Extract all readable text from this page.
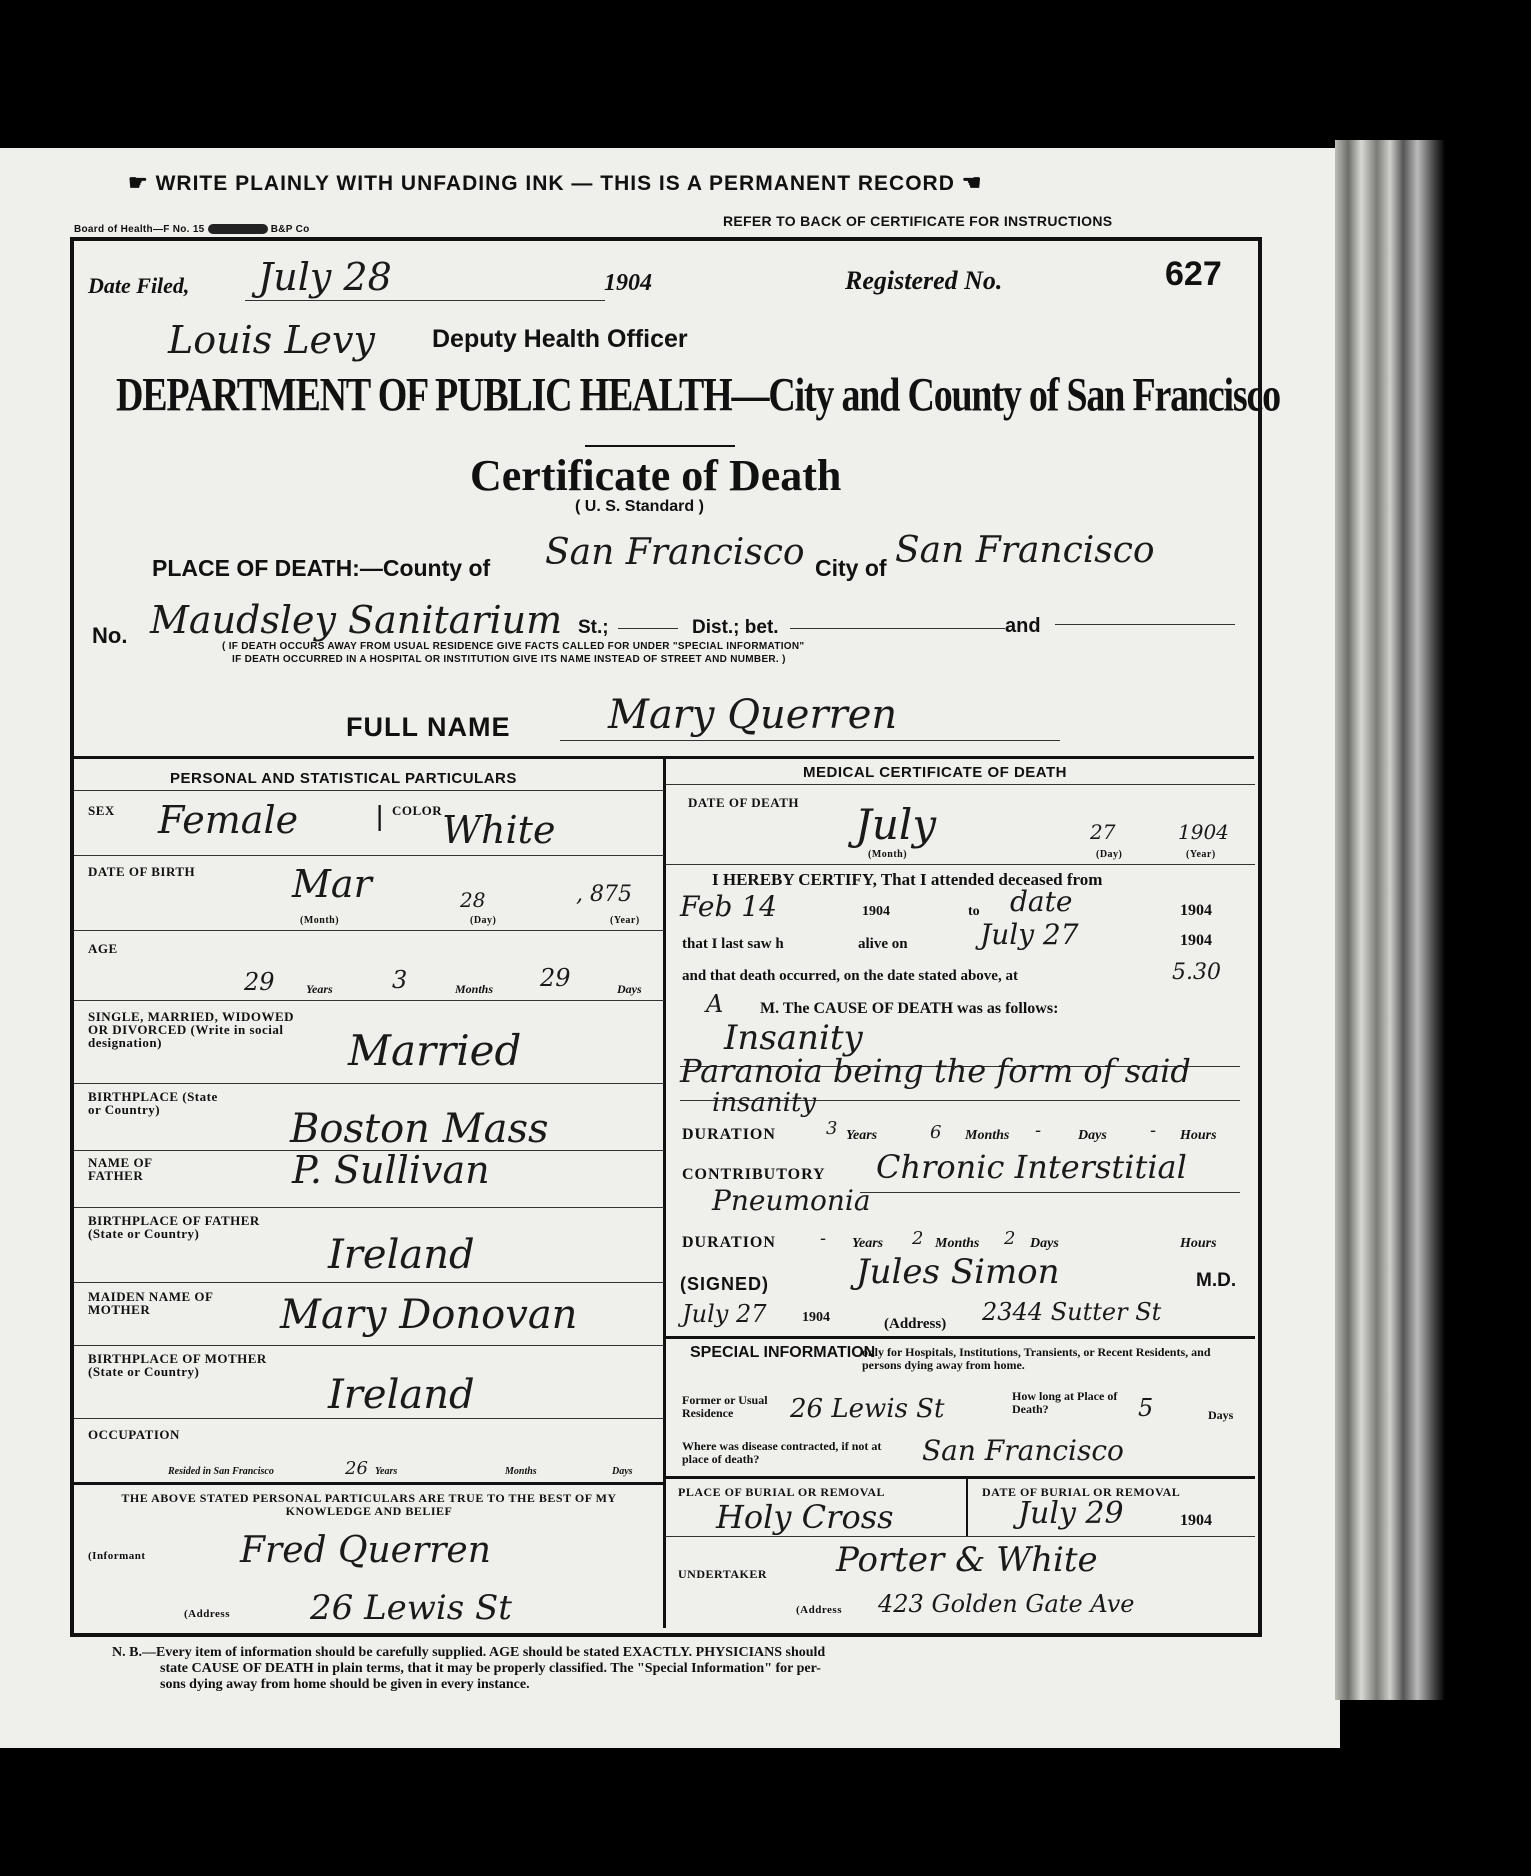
☛ WRITE PLAINLY WITH UNFADING INK — THIS IS A PERMANENT RECORD ☚
Board of Health—F No. 15	B&P Co
REFER TO BACK OF CERTIFICATE FOR INSTRUCTIONS
Date Filed, July 28	1904	Registered No.	627
Louis Levy Deputy Health Officer
DEPARTMENT OF PUBLIC HEALTH—City and County of San Francisco
Certificate of Death
( U. S. Standard )
PLACE OF DEATH:—County of San Francisco City of San Francisco
No. Maudsley Sanitarium St.;	Dist.; bet.	and
( IF DEATH OCCURS AWAY FROM USUAL RESIDENCE GIVE FACTS CALLED FOR UNDER "SPECIAL INFORMATION"
IF DEATH OCCURRED IN A HOSPITAL OR INSTITUTION GIVE ITS NAME INSTEAD OF STREET AND NUMBER. )
FULL NAME Mary Querren
PERSONAL AND STATISTICAL PARTICULARS
SEX Female	| COLOR White
DATE OF BIRTH	Mar	28	, 875
(Month)	(Day)	(Year)
AGE
29	Years 3	Months 29	Days
SINGLE, MARRIED, WIDOWED OR DIVORCED (Write in social designation)	Married
BIRTHPLACE (State or Country)	Boston Mass
NAME OF FATHER	P. Sullivan
BIRTHPLACE OF FATHER (State or Country)	Ireland
MAIDEN NAME OF MOTHER	Mary Donovan
BIRTHPLACE OF MOTHER (State or Country)
Ireland
OCCUPATION
Resided in San Francisco	26 Years	Months	Days
THE ABOVE STATED PERSONAL PARTICULARS ARE TRUE TO THE BEST OF MY KNOWLEDGE AND BELIEF
(Informant	Fred Querren
(Address 26 Lewis St
MEDICAL CERTIFICATE OF DEATH
DATE OF DEATH July	27	1904
(Month)	(Day)	(Year)
I HEREBY CERTIFY, That I attended deceased from
Feb 14	1904	to date	1904
that I last saw h	alive on	July 27	1904
and that death occurred, on the date stated above, at	5.30
A M. The CAUSE OF DEATH was as follows:
Insanity
Paranoia being the form of said
insanity
DURATION	3 Years	6 Months -	Days - Hours
CONTRIBUTORY Chronic Interstitial
Pneumonia
DURATION - Years 2 Months 2 Days	Hours
(SIGNED)	Jules Simon	M.D.
July 27	1904	(Address) 2344 Sutter St
SPECIAL INFORMATION
only for Hospitals, Institutions, Transients, or Recent Residents, and persons dying away from home.
Former or Usual Residence	26 Lewis St	How long at Place of Death?	5	Days
Where was disease contracted, if not at place of death?	San Francisco
PLACE OF BURIAL OR REMOVAL
Holy Cross
DATE OF BURIAL OR REMOVAL
July 29	1904
UNDERTAKER Porter & White
(Address 423 Golden Gate Ave
N. B.—Every item of information should be carefully supplied. AGE should be stated EXACTLY. PHYSICIANS should
state CAUSE OF DEATH in plain terms, that it may be properly classified. The "Special Information" for per-
sons dying away from home should be given in every instance.
